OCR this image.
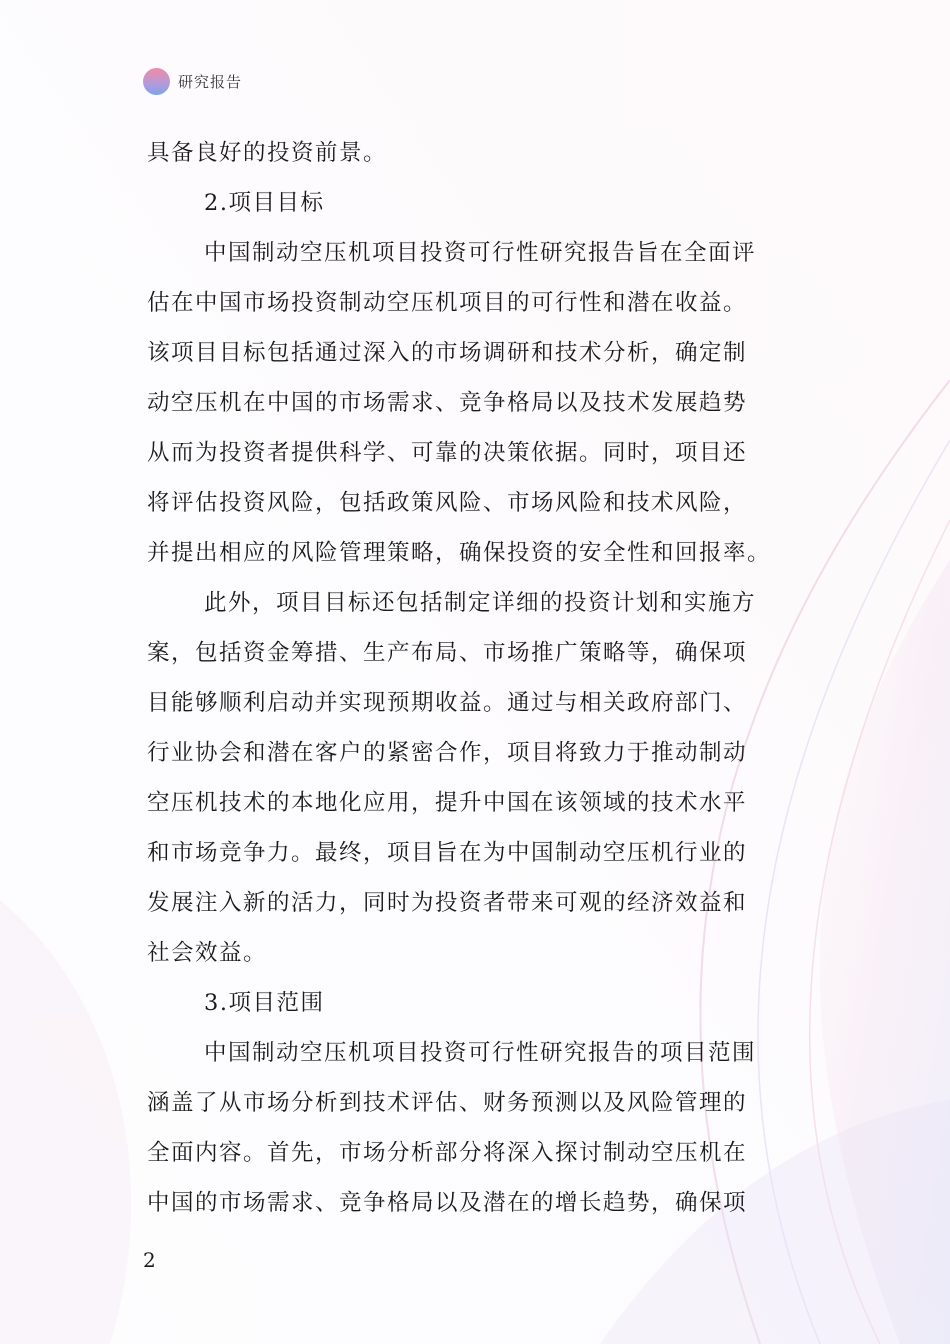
研究报告
具备良好的投资前景。
2.项目目标
中国制动空压机项目投资可行性研究报告旨在全面评
估在中国市场投资制动空压机项目的可行性和潜在收益。
该项目目标包括通过深入的市场调研和技术分析，确定制
动空压机在中国的市场需求、竞争格局以及技术发展趋势
从而为投资者提供科学、可靠的决策依据。同时，项目还
将评估投资风险，包括政策风险、市场风险和技术风险，
并提出相应的风险管理策略，确保投资的安全性和回报率。
此外，项目目标还包括制定详细的投资计划和实施方
案，包括资金筹措、生产布局、市场推广策略等，确保项
目能够顺利启动并实现预期收益。通过与相关政府部门、
行业协会和潜在客户的紧密合作，项目将致力于推动制动
空压机技术的本地化应用，提升中国在该领域的技术水平
和市场竞争力。最终，项目旨在为中国制动空压机行业的
发展注入新的活力，同时为投资者带来可观的经济效益和
社会效益。
3.项目范围
中国制动空压机项目投资可行性研究报告的项目范围
涵盖了从市场分析到技术评估、财务预测以及风险管理的
全面内容。首先，市场分析部分将深入探讨制动空压机在
中国的市场需求、竞争格局以及潜在的增长趋势，确保项
2
